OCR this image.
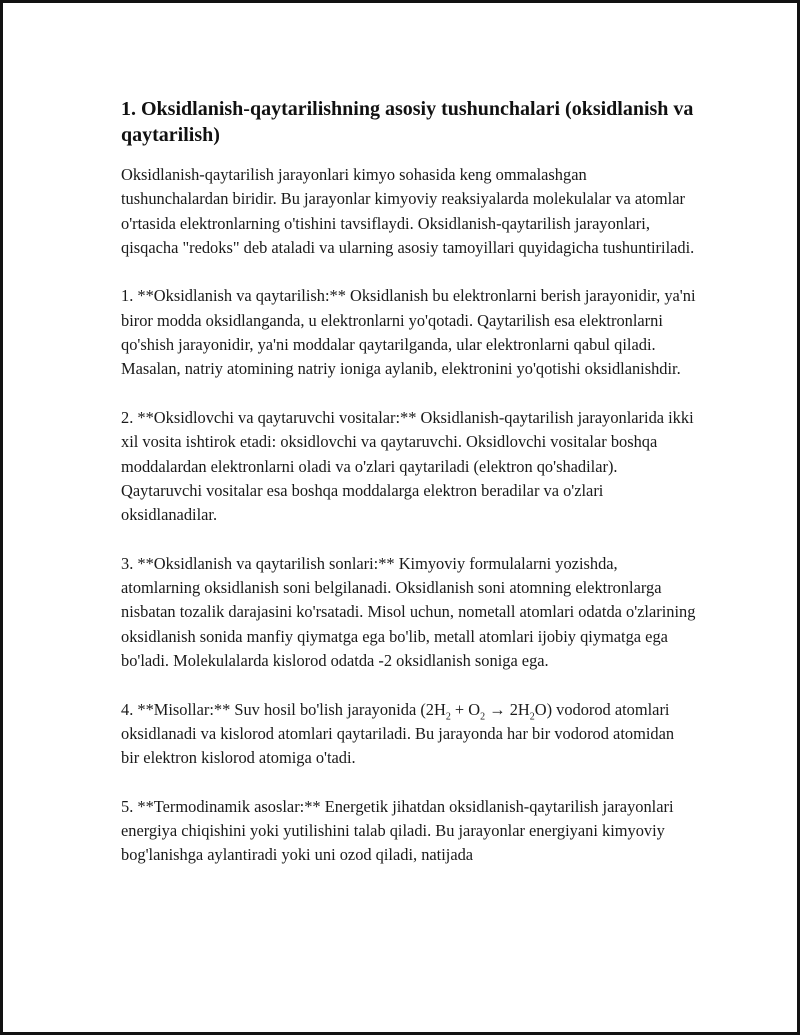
1. Oksidlanish-qaytarilishning asosiy tushunchalari (oksidlanish va qaytarilish)

Oksidlanish-qaytarilish jarayonlari kimyo sohasida keng ommalashgan tushunchalardan biridir. Bu jarayonlar kimyoviy reaksiyalarda molekulalar va atomlar o'rtasida elektronlarning o'tishini tavsiflaydi. Oksidlanish-qaytarilish jarayonlari, qisqacha "redoks" deb ataladi va ularning asosiy tamoyillari quyidagicha tushuntiriladi.

1. **Oksidlanish va qaytarilish:** Oksidlanish bu elektronlarni berish jarayonidir, ya'ni biror modda oksidlanganda, u elektronlarni yo'qotadi. Qaytarilish esa elektronlarni qo'shish jarayonidir, ya'ni moddalar qaytarilganda, ular elektronlarni qabul qiladi. Masalan, natriy atomining natriy ioniga aylanib, elektronini yo'qotishi oksidlanishdir.

2. **Oksidlovchi va qaytaruvchi vositalar:** Oksidlanish-qaytarilish jarayonlarida ikki xil vosita ishtirok etadi: oksidlovchi va qaytaruvchi. Oksidlovchi vositalar boshqa moddalardan elektronlarni oladi va o'zlari qaytariladi (elektron qo'shadilar). Qaytaruvchi vositalar esa boshqa moddalarga elektron beradilar va o'zlari oksidlanadilar.

3. **Oksidlanish va qaytarilish sonlari:** Kimyoviy formulalarni yozishda, atomlarning oksidlanish soni belgilanadi. Oksidlanish soni atomning elektronlarga nisbatan tozalik darajasini ko'rsatadi. Misol uchun, nometall atomlari odatda o'zlarining oksidlanish sonida manfiy qiymatga ega bo'lib, metall atomlari ijobiy qiymatga ega bo'ladi. Molekulalarda kislorod odatda -2 oksidlanish soniga ega.

4. **Misollar:** Suv hosil bo'lish jarayonida $(2H_2 + O_2 \to 2H_2O)$ vodorod atomlari oksidlanadi va kislorod atomlari qaytariladi. Bu jarayonda har bir vodorod atomidan bir elektron kislorod atomiga o'tadi.

5. **Termodinamik asoslar:** Energetik jihatdan oksidlanish-qaytarilish jarayonlari energiya chiqishini yoki yutilishini talab qiladi. Bu jarayonlar energiyani kimyoviy bog'lanishga aylantiradi yoki uni ozod qiladi, natijada
